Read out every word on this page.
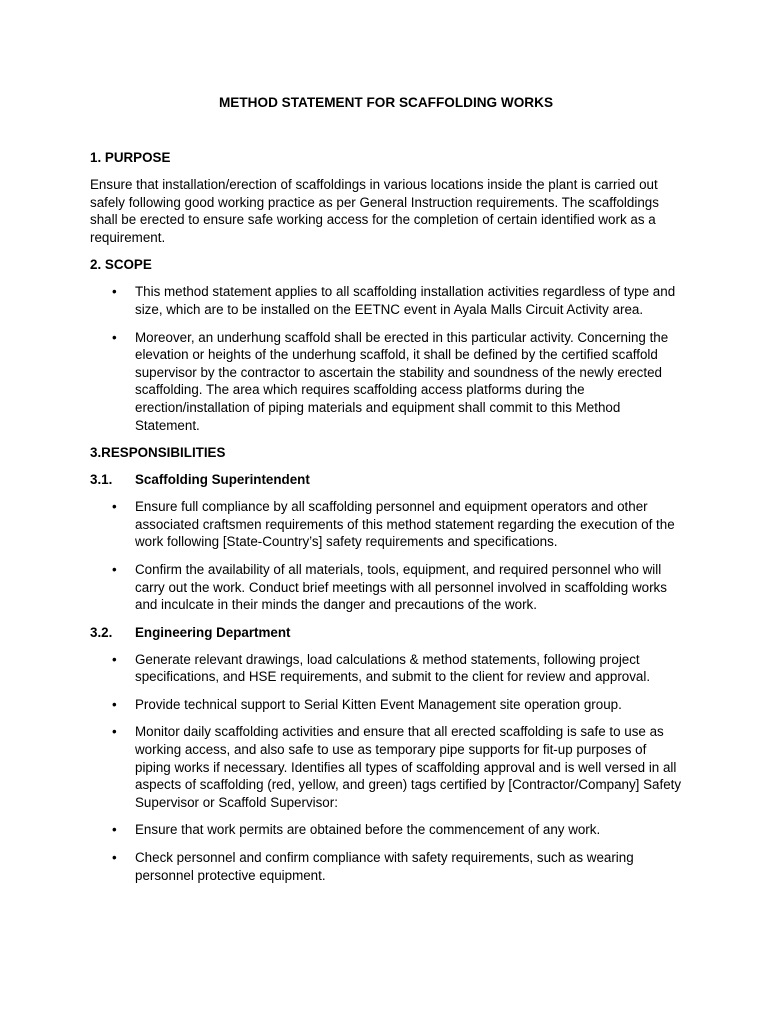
METHOD STATEMENT FOR SCAFFOLDING WORKS
1. PURPOSE
Ensure that installation/erection of scaffoldings in various locations inside the plant is carried out safely following good working practice as per General Instruction requirements. The scaffoldings shall be erected to ensure safe working access for the completion of certain identified work as a requirement.
2. SCOPE
• This method statement applies to all scaffolding installation activities regardless of type and size, which are to be installed on the EETNC event in Ayala Malls Circuit Activity area.
• Moreover, an underhung scaffold shall be erected in this particular activity. Concerning the elevation or heights of the underhung scaffold, it shall be defined by the certified scaffold supervisor by the contractor to ascertain the stability and soundness of the newly erected scaffolding. The area which requires scaffolding access platforms during the erection/installation of piping materials and equipment shall commit to this Method Statement.
3.RESPONSIBILITIES
3.1.	Scaffolding Superintendent
• Ensure full compliance by all scaffolding personnel and equipment operators and other associated craftsmen requirements of this method statement regarding the execution of the work following [State-Country’s] safety requirements and specifications.
• Confirm the availability of all materials, tools, equipment, and required personnel who will carry out the work. Conduct brief meetings with all personnel involved in scaffolding works and inculcate in their minds the danger and precautions of the work.
3.2.	Engineering Department
• Generate relevant drawings, load calculations & method statements, following project specifications, and HSE requirements, and submit to the client for review and approval.
• Provide technical support to Serial Kitten Event Management site operation group.
• Monitor daily scaffolding activities and ensure that all erected scaffolding is safe to use as working access, and also safe to use as temporary pipe supports for fit-up purposes of piping works if necessary. Identifies all types of scaffolding approval and is well versed in all aspects of scaffolding (red, yellow, and green) tags certified by [Contractor/Company] Safety Supervisor or Scaffold Supervisor:
• Ensure that work permits are obtained before the commencement of any work.
• Check personnel and confirm compliance with safety requirements, such as wearing personnel protective equipment.
